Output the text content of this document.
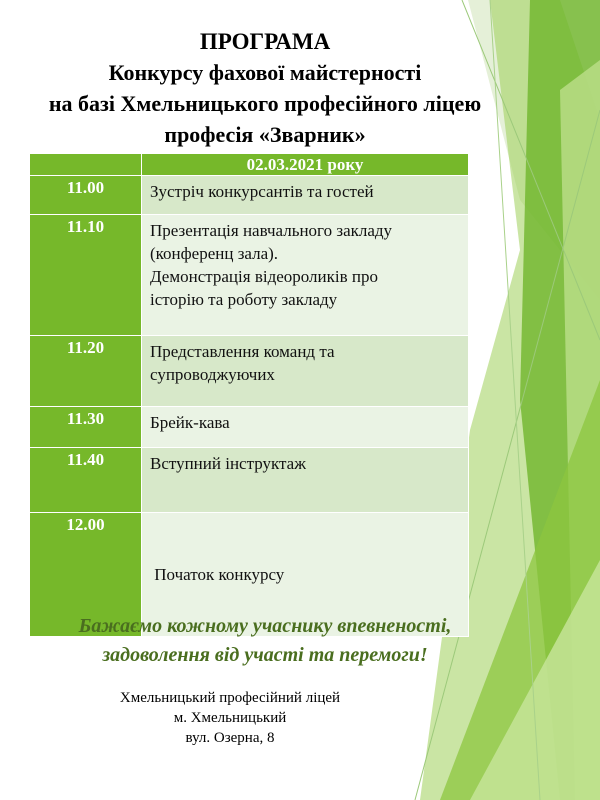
ПРОГРАМА
Конкурсу фахової майстерності
на базі Хмельницького професійного ліцею
професія «Зварник»
	02.03.2021 року
11.00	Зустріч конкурсантів та гостей

11.10	Презентація навчального закладу
(конференц зала).
Демонстрація відеороликів про
історію та роботу закладу

11.20	Представлення команд та
супроводжуючих

11.30	Брейк-кава

11.40	Вступний інструктаж

12.00	Початок конкурсу

Бажаємо кожному учаснику впевненості,
задоволення від участі та перемоги!
Хмельницький професійний ліцей
м. Хмельницький
вул. Озерна, 8
